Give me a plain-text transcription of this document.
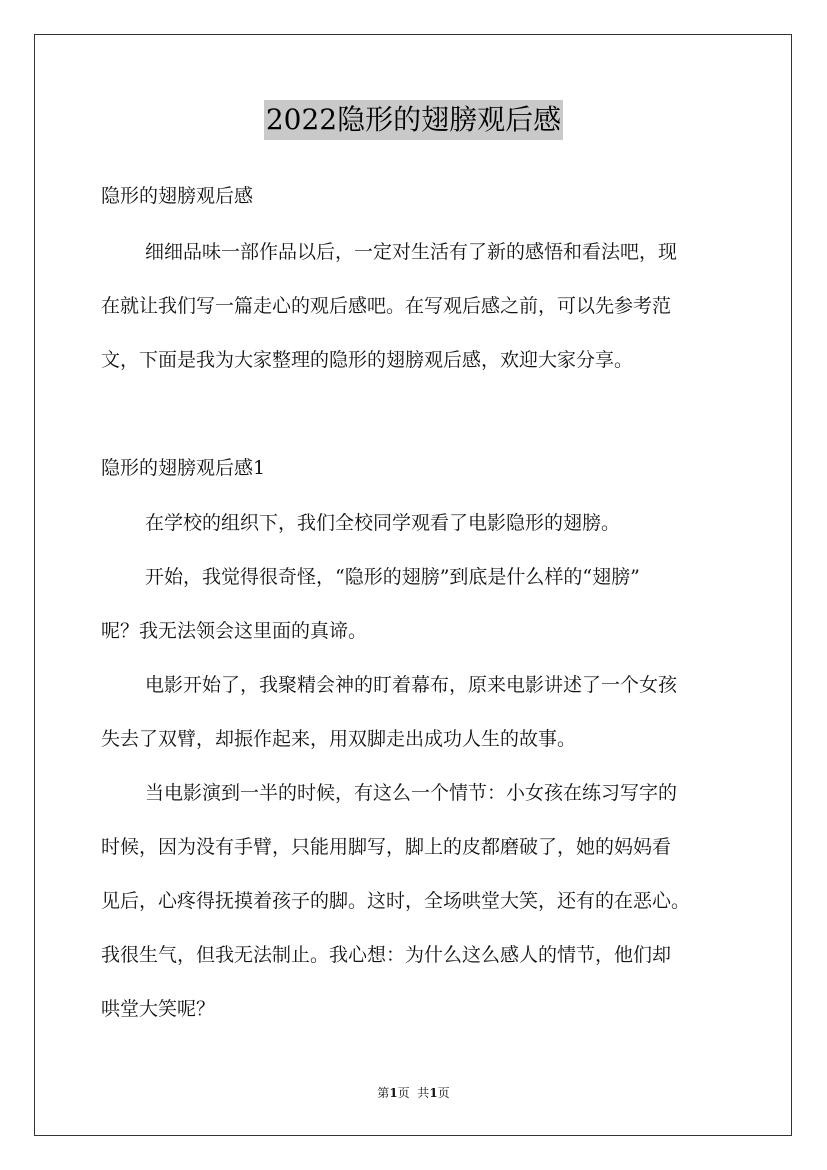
2022隐形的翅膀观后感
隐形的翅膀观后感
细细品味一部作品以后，一定对生活有了新的感悟和看法吧，现
在就让我们写一篇走心的观后感吧。在写观后感之前，可以先参考范
文，下面是我为大家整理的隐形的翅膀观后感，欢迎大家分享。
隐形的翅膀观后感1
在学校的组织下，我们全校同学观看了电影隐形的翅膀。
开始，我觉得很奇怪，“隐形的翅膀”到底是什么样的“翅膀”
呢？我无法领会这里面的真谛。
电影开始了，我聚精会神的盯着幕布，原来电影讲述了一个女孩
失去了双臂，却振作起来，用双脚走出成功人生的故事。
当电影演到一半的时候，有这么一个情节：小女孩在练习写字的
时候，因为没有手臂，只能用脚写，脚上的皮都磨破了，她的妈妈看
见后，心疼得抚摸着孩子的脚。这时，全场哄堂大笑，还有的在恶心。
我很生气，但我无法制止。我心想：为什么这么感人的情节，他们却
哄堂大笑呢？
第1页  共1页
